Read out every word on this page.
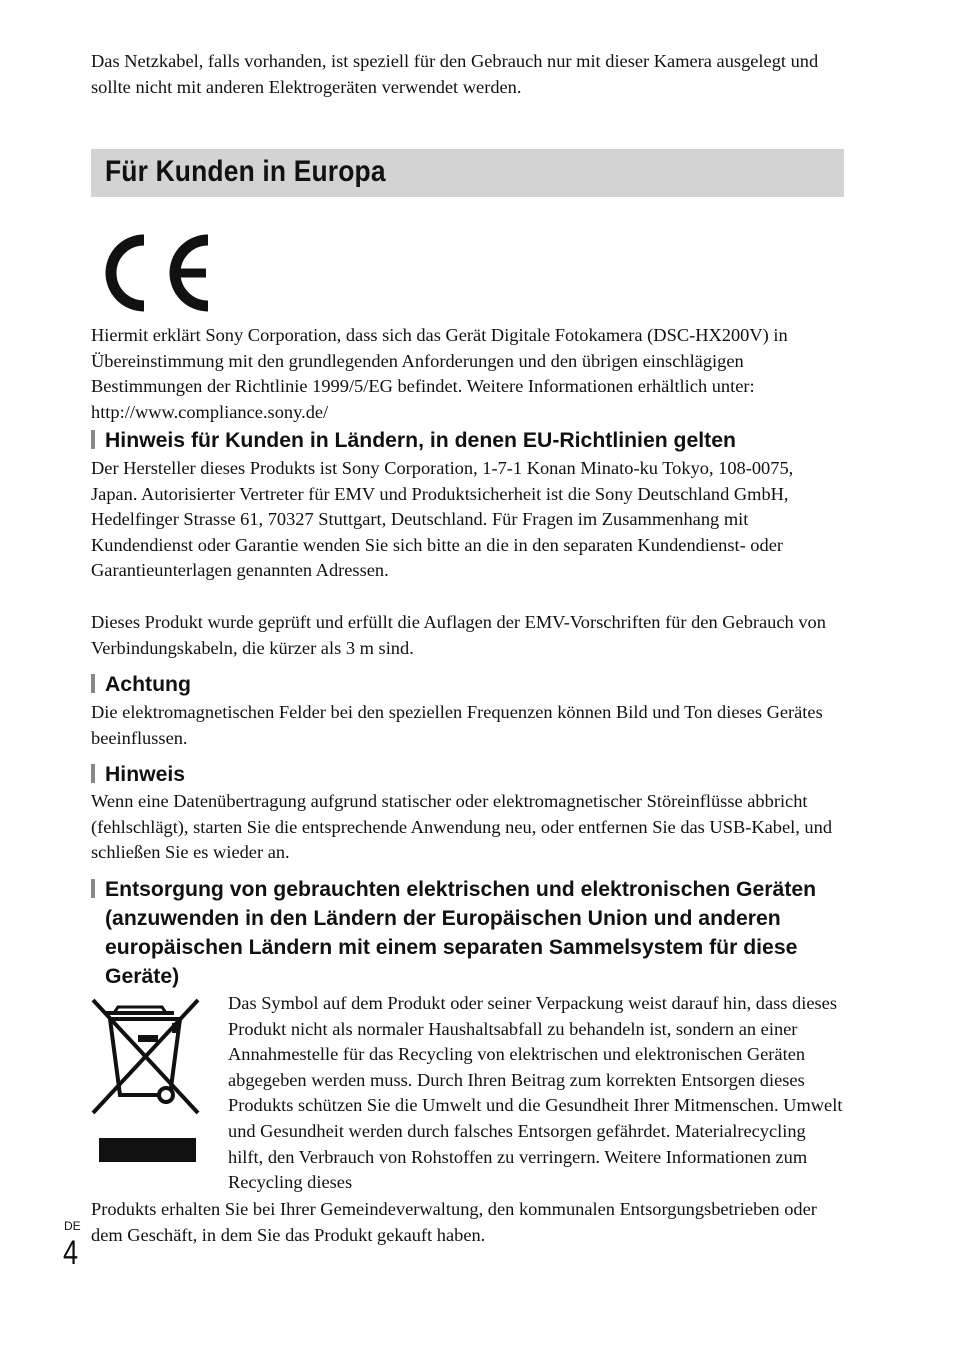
Das Netzkabel, falls vorhanden, ist speziell für den Gebrauch nur mit dieser Kamera ausgelegt und sollte nicht mit anderen Elektrogeräten verwendet werden.

Für Kunden in Europa

Hiermit erklärt Sony Corporation, dass sich das Gerät Digitale Fotokamera (DSC-HX200V) in Übereinstimmung mit den grundlegenden Anforderungen und den übrigen einschlägigen Bestimmungen der Richtlinie 1999/5/EG befindet. Weitere Informationen erhältlich unter: http://www.compliance.sony.de/

Hinweis für Kunden in Ländern, in denen EU-Richtlinien gelten

Der Hersteller dieses Produkts ist Sony Corporation, 1-7-1 Konan Minato-ku Tokyo, 108-0075, Japan. Autorisierter Vertreter für EMV und Produktsicherheit ist die Sony Deutschland GmbH, Hedelfinger Strasse 61, 70327 Stuttgart, Deutschland. Für Fragen im Zusammenhang mit Kundendienst oder Garantie wenden Sie sich bitte an die in den separaten Kundendienst- oder Garantieunterlagen genannten Adressen.

Dieses Produkt wurde geprüft und erfüllt die Auflagen der EMV-Vorschriften für den Gebrauch von Verbindungskabeln, die kürzer als 3 m sind.

Achtung

Die elektromagnetischen Felder bei den speziellen Frequenzen können Bild und Ton dieses Gerätes beeinflussen.

Hinweis

Wenn eine Datenübertragung aufgrund statischer oder elektromagnetischer Störeinflüsse abbricht (fehlschlägt), starten Sie die entsprechende Anwendung neu, oder entfernen Sie das USB-Kabel, und schließen Sie es wieder an.

Entsorgung von gebrauchten elektrischen und elektronischen Geräten (anzuwenden in den Ländern der Europäischen Union und anderen europäischen Ländern mit einem separaten Sammelsystem für diese Geräte)

Das Symbol auf dem Produkt oder seiner Verpackung weist darauf hin, dass dieses Produkt nicht als normaler Haushaltsabfall zu behandeln ist, sondern an einer Annahmestelle für das Recycling von elektrischen und elektronischen Geräten abgegeben werden muss. Durch Ihren Beitrag zum korrekten Entsorgen dieses Produkts schützen Sie die Umwelt und die Gesundheit Ihrer Mitmenschen. Umwelt und Gesundheit werden durch falsches Entsorgen gefährdet. Materialrecycling hilft, den Verbrauch von Rohstoffen zu verringern. Weitere Informationen zum Recycling dieses

Produkts erhalten Sie bei Ihrer Gemeindeverwaltung, den kommunalen Entsorgungsbetrieben oder dem Geschäft, in dem Sie das Produkt gekauft haben.

DE
4
